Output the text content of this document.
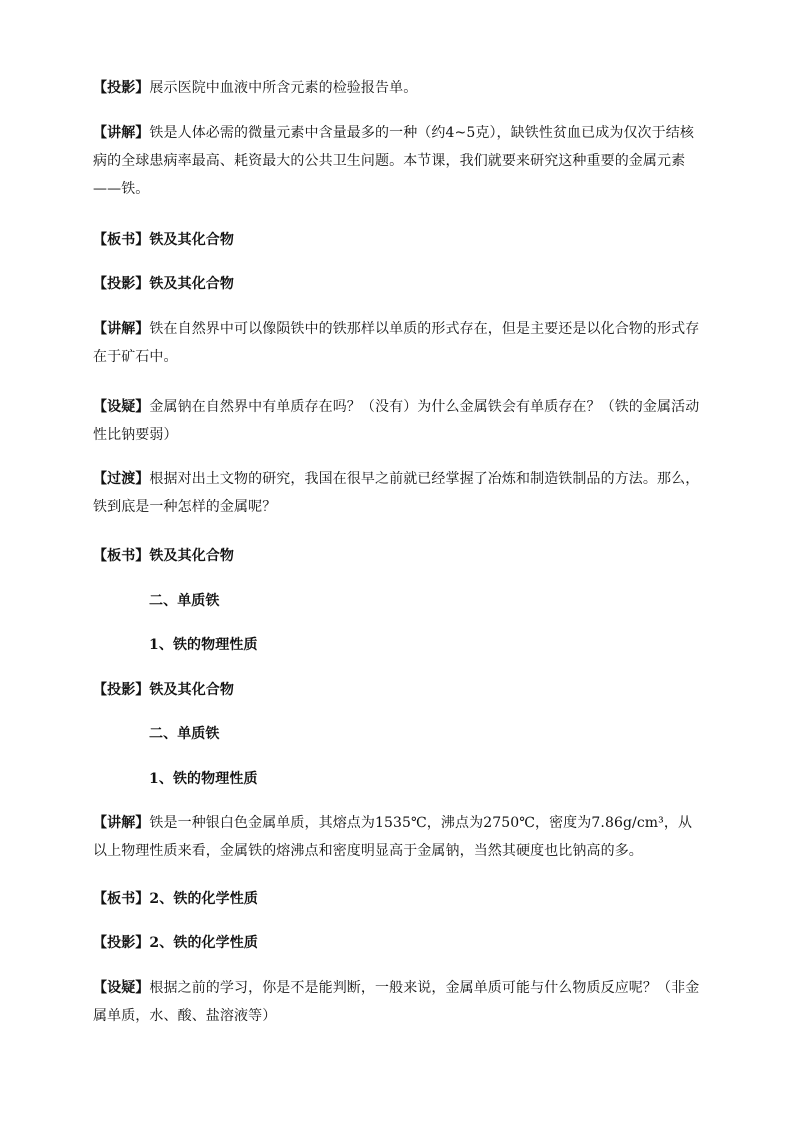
【投影】展示医院中血液中所含元素的检验报告单。

【讲解】铁是人体必需的微量元素中含量最多的一种（约4~5克），缺铁性贫血已成为仅次于结核病的全球患病率最高、耗资最大的公共卫生问题。本节课，我们就要来研究这种重要的金属元素——铁。

【板书】铁及其化合物

【投影】铁及其化合物

【讲解】铁在自然界中可以像陨铁中的铁那样以单质的形式存在，但是主要还是以化合物的形式存在于矿石中。

【设疑】金属钠在自然界中有单质存在吗？（没有）为什么金属铁会有单质存在？（铁的金属活动性比钠要弱）

【过渡】根据对出土文物的研究，我国在很早之前就已经掌握了冶炼和制造铁制品的方法。那么，铁到底是一种怎样的金属呢？

【板书】铁及其化合物

二、单质铁

1、铁的物理性质

【投影】铁及其化合物

二、单质铁

1、铁的物理性质

【讲解】铁是一种银白色金属单质，其熔点为1535℃，沸点为2750℃，密度为7.86g/cm³，从以上物理性质来看，金属铁的熔沸点和密度明显高于金属钠，当然其硬度也比钠高的多。

【板书】2、铁的化学性质

【投影】2、铁的化学性质

【设疑】根据之前的学习，你是不是能判断，一般来说，金属单质可能与什么物质反应呢？（非金属单质，水、酸、盐溶液等）
